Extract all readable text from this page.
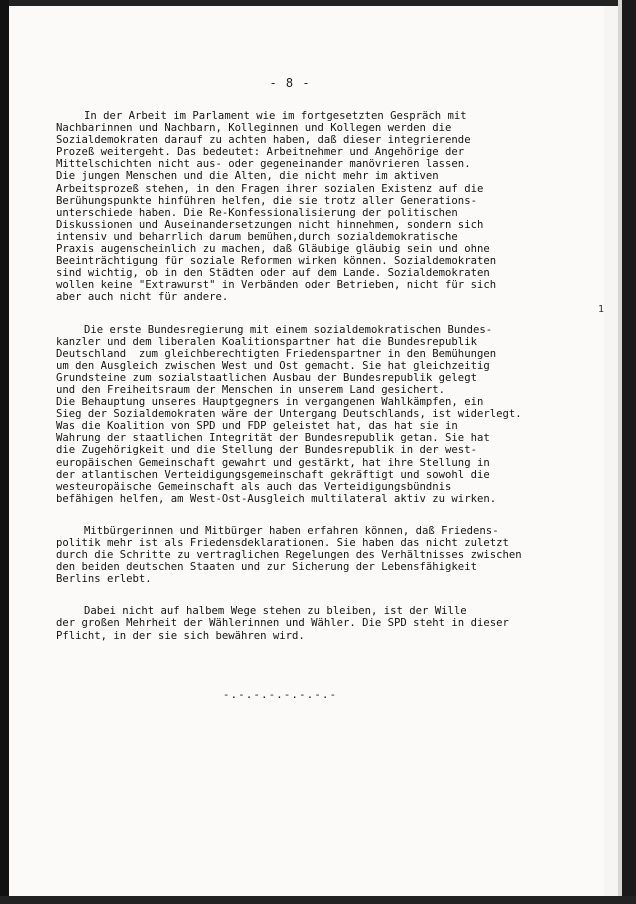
- 8 -
In der Arbeit im Parlament wie im fortgesetzten Gespräch mit
Nachbarinnen und Nachbarn, Kolleginnen und Kollegen werden die
Sozialdemokraten darauf zu achten haben, daß dieser integrierende
Prozeß weitergeht. Das bedeutet: Arbeitnehmer und Angehörige der
Mittelschichten nicht aus- oder gegeneinander manövrieren lassen.
Die jungen Menschen und die Alten, die nicht mehr im aktiven
Arbeitsprozeß stehen, in den Fragen ihrer sozialen Existenz auf die
Berühungspunkte hinführen helfen, die sie trotz aller Generations-
unterschiede haben. Die Re-Konfessionalisierung der politischen
Diskussionen und Auseinandersetzungen nicht hinnehmen, sondern sich
intensiv und beharrlich darum bemühen,durch sozialdemokratische
Praxis augenscheinlich zu machen, daß Gläubige gläubig sein und ohne
Beeinträchtigung für soziale Reformen wirken können. Sozialdemokraten
sind wichtig, ob in den Städten oder auf dem Lande. Sozialdemokraten
wollen keine "Extrawurst" in Verbänden oder Betrieben, nicht für sich
aber auch nicht für andere.
Die erste Bundesregierung mit einem sozialdemokratischen Bundes-
kanzler und dem liberalen Koalitionspartner hat die Bundesrepublik
Deutschland  zum gleichberechtigten Friedenspartner in den Bemühungen
um den Ausgleich zwischen West und Ost gemacht. Sie hat gleichzeitig
Grundsteine zum sozialstaatlichen Ausbau der Bundesrepublik gelegt
und den Freiheitsraum der Menschen in unserem Land gesichert.
Die Behauptung unseres Hauptgegners in vergangenen Wahlkämpfen, ein
Sieg der Sozialdemokraten wäre der Untergang Deutschlands, ist widerlegt.
Was die Koalition von SPD und FDP geleistet hat, das hat sie in
Wahrung der staatlichen Integrität der Bundesrepublik getan. Sie hat
die Zugehörigkeit und die Stellung der Bundesrepublik in der west-
europäischen Gemeinschaft gewahrt und gestärkt, hat ihre Stellung in
der atlantischen Verteidigungsgemeinschaft gekräftigt und sowohl die
westeuropäische Gemeinschaft als auch das Verteidigungsbündnis
befähigen helfen, am West-Ost-Ausgleich multilateral aktiv zu wirken.
Mitbürgerinnen und Mitbürger haben erfahren können, daß Friedens-
politik mehr ist als Friedensdeklarationen. Sie haben das nicht zuletzt
durch die Schritte zu vertraglichen Regelungen des Verhältnisses zwischen
den beiden deutschen Staaten und zur Sicherung der Lebensfähigkeit
Berlins erlebt.
Dabei nicht auf halbem Wege stehen zu bleiben, ist der Wille
der großen Mehrheit der Wählerinnen und Wähler. Die SPD steht in dieser
Pflicht, in der sie sich bewähren wird.
1
-.-.-.-.-.-.-.-
